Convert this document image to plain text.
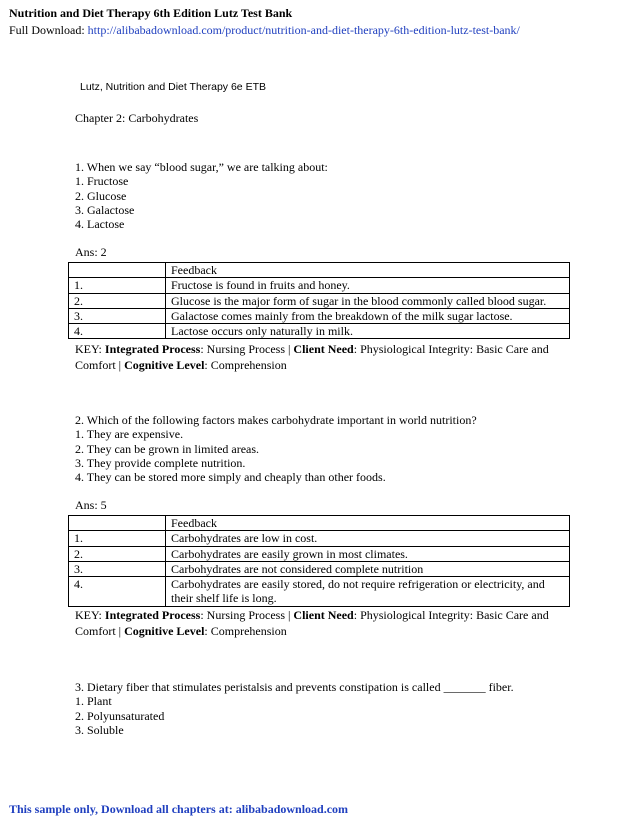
Nutrition and Diet Therapy 6th Edition Lutz Test Bank
Full Download: http://alibabadownload.com/product/nutrition-and-diet-therapy-6th-edition-lutz-test-bank/
Lutz, Nutrition and Diet Therapy 6e ETB
Chapter 2: Carbohydrates
1. When we say “blood sugar,” we are talking about:
1. Fructose
2. Glucose
3. Galactose
4. Lactose
Ans: 2
	Feedback
1.	Fructose is found in fruits and honey.
2.	Glucose is the major form of sugar in the blood commonly called blood sugar.
3.	Galactose comes mainly from the breakdown of the milk sugar lactose.
4.	Lactose occurs only naturally in milk.
KEY: Integrated Process: Nursing Process | Client Need: Physiological Integrity: Basic Care and Comfort | Cognitive Level: Comprehension
2. Which of the following factors makes carbohydrate important in world nutrition?
1. They are expensive.
2. They can be grown in limited areas.
3. They provide complete nutrition.
4. They can be stored more simply and cheaply than other foods.
Ans: 5
	Feedback
1.	Carbohydrates are low in cost.
2.	Carbohydrates are easily grown in most climates.
3.	Carbohydrates are not considered complete nutrition
4.	Carbohydrates are easily stored, do not require refrigeration or electricity, and their shelf life is long.
KEY: Integrated Process: Nursing Process | Client Need: Physiological Integrity: Basic Care and Comfort | Cognitive Level: Comprehension
3. Dietary fiber that stimulates peristalsis and prevents constipation is called _______ fiber.
1. Plant
2. Polyunsaturated
3. Soluble
This sample only, Download all chapters at: alibabadownload.com
